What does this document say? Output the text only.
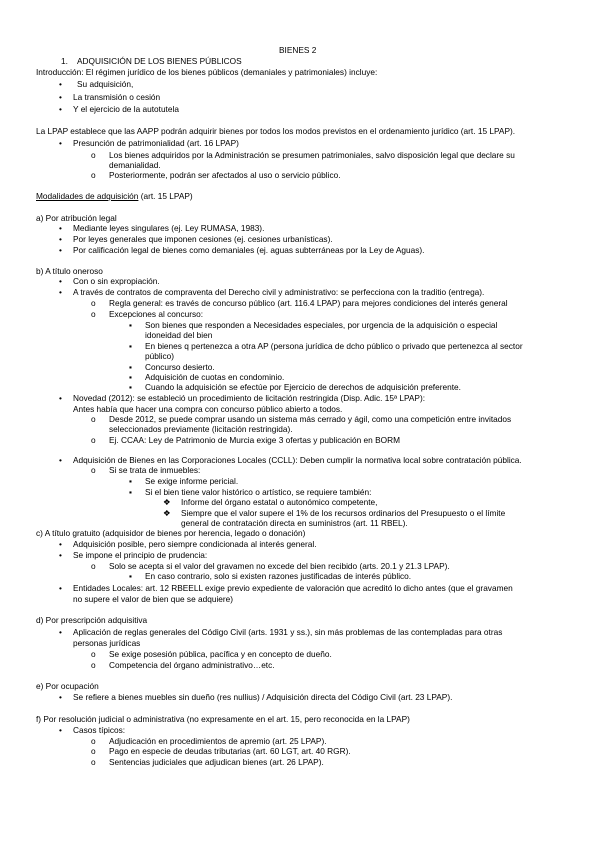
BIENES 2
1. ADQUISICIÓN DE LOS BIENES PÚBLICOS
Introducción: El régimen jurídico de los bienes públicos (demaniales y patrimoniales) incluye:
• Su adquisición,
• La transmisión o cesión
• Y el ejercicio de la autotutela
La LPAP establece que las AAPP podrán adquirir bienes por todos los modos previstos en el ordenamiento jurídico (art. 15 LPAP).
• Presunción de patrimonialidad (art. 16 LPAP)
o Los bienes adquiridos por la Administración se presumen patrimoniales, salvo disposición legal que declare su
demanialidad.
o Posteriormente, podrán ser afectados al uso o servicio público.
Modalidades de adquisición (art. 15 LPAP)
a) Por atribución legal
• Mediante leyes singulares (ej. Ley RUMASA, 1983).
• Por leyes generales que imponen cesiones (ej. cesiones urbanísticas).
• Por calificación legal de bienes como demaniales (ej. aguas subterráneas por la Ley de Aguas).
b) A título oneroso
• Con o sin expropiación.
• A través de contratos de compraventa del Derecho civil y administrativo: se perfecciona con la traditio (entrega).
o Regla general: es través de concurso público (art. 116.4 LPAP) para mejores condiciones del interés general
o Excepciones al concurso:
▪ Son bienes que responden a Necesidades especiales, por urgencia de la adquisición o especial
idoneidad del bien
▪ En bienes q pertenezca a otra AP (persona jurídica de dcho público o privado que pertenezca al sector
público)
▪ Concurso desierto.
▪ Adquisición de cuotas en condominio.
▪ Cuando la adquisición se efectúe por Ejercicio de derechos de adquisición preferente.
• Novedad (2012): se estableció un procedimiento de licitación restringida (Disp. Adic. 15ª LPAP):
Antes había que hacer una compra con concurso público abierto a todos.
o Desde 2012, se puede comprar usando un sistema más cerrado y ágil, como una competición entre invitados
seleccionados previamente (licitación restringida).
o Ej. CCAA: Ley de Patrimonio de Murcia exige 3 ofertas y publicación en BORM
• Adquisición de Bienes en las Corporaciones Locales (CCLL): Deben cumplir la normativa local sobre contratación pública.
o Si se trata de inmuebles:
▪ Se exige informe pericial.
▪ Si el bien tiene valor histórico o artístico, se requiere también:
❖ Informe del órgano estatal o autonómico competente,
❖ Siempre que el valor supere el 1% de los recursos ordinarios del Presupuesto o el límite
general de contratación directa en suministros (art. 11 RBEL).
c) A título gratuito (adquisidor de bienes por herencia, legado o donación)
• Adquisición posible, pero siempre condicionada al interés general.
• Se impone el principio de prudencia:
o Solo se acepta si el valor del gravamen no excede del bien recibido (arts. 20.1 y 21.3 LPAP).
▪ En caso contrario, solo si existen razones justificadas de interés público.
• Entidades Locales: art. 12 RBEELL exige previo expediente de valoración que acreditó lo dicho antes (que el gravamen
no supere el valor de bien que se adquiere)
d) Por prescripción adquisitiva
• Aplicación de reglas generales del Código Civil (arts. 1931 y ss.), sin más problemas de las contempladas para otras
personas jurídicas
o Se exige posesión pública, pacífica y en concepto de dueño.
o Competencia del órgano administrativo…etc.
e) Por ocupación
• Se refiere a bienes muebles sin dueño (res nullius) / Adquisición directa del Código Civil (art. 23 LPAP).
f) Por resolución judicial o administrativa (no expresamente en el art. 15, pero reconocida en la LPAP)
• Casos típicos:
o Adjudicación en procedimientos de apremio (art. 25 LPAP).
o Pago en especie de deudas tributarias (art. 60 LGT, art. 40 RGR).
o Sentencias judiciales que adjudican bienes (art. 26 LPAP).
